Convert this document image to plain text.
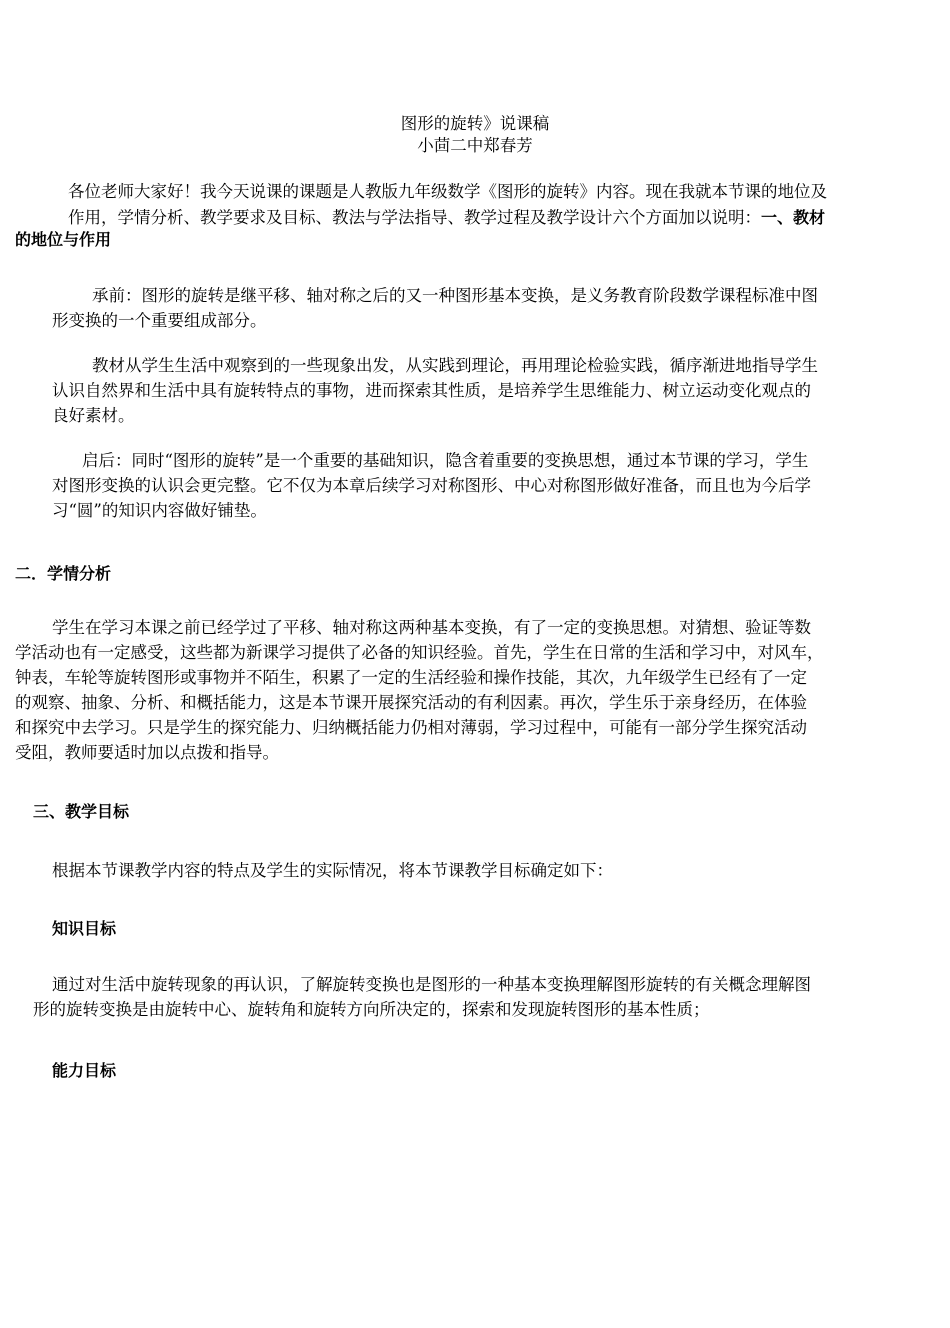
图形的旋转》说课稿
小茴二中郑春芳
各位老师大家好！我今天说课的课题是人教版九年级数学《图形的旋转》内容。现在我就本节课的地位及
作用，学情分析、教学要求及目标、教法与学法指导、教学过程及教学设计六个方面加以说明：一、教材
的地位与作用
承前：图形的旋转是继平移、轴对称之后的又一种图形基本变换，是义务教育阶段数学课程标准中图
形变换的一个重要组成部分。
教材从学生生活中观察到的一些现象出发，从实践到理论，再用理论检验实践，循序渐进地指导学生
认识自然界和生活中具有旋转特点的事物，进而探索其性质，是培养学生思维能力、树立运动变化观点的
良好素材。
启后：同时“图形的旋转”是一个重要的基础知识，隐含着重要的变换思想，通过本节课的学习，学生
对图形变换的认识会更完整。它不仅为本章后续学习对称图形、中心对称图形做好准备，而且也为今后学
习“圆”的知识内容做好铺垫。
二．学情分析
学生在学习本课之前已经学过了平移、轴对称这两种基本变换，有了一定的变换思想。对猜想、验证等数
学活动也有一定感受，这些都为新课学习提供了必备的知识经验。首先，学生在日常的生活和学习中，对风车，
钟表，车轮等旋转图形或事物并不陌生，积累了一定的生活经验和操作技能，其次，九年级学生已经有了一定
的观察、抽象、分析、和概括能力，这是本节课开展探究活动的有利因素。再次，学生乐于亲身经历，在体验
和探究中去学习。只是学生的探究能力、归纳概括能力仍相对薄弱，学习过程中，可能有一部分学生探究活动
受阻，教师要适时加以点拨和指导。
三、教学目标
根据本节课教学内容的特点及学生的实际情况，将本节课教学目标确定如下：
知识目标
通过对生活中旋转现象的再认识，了解旋转变换也是图形的一种基本变换理解图形旋转的有关概念理解图
形的旋转变换是由旋转中心、旋转角和旋转方向所决定的，探索和发现旋转图形的基本性质；
能力目标
